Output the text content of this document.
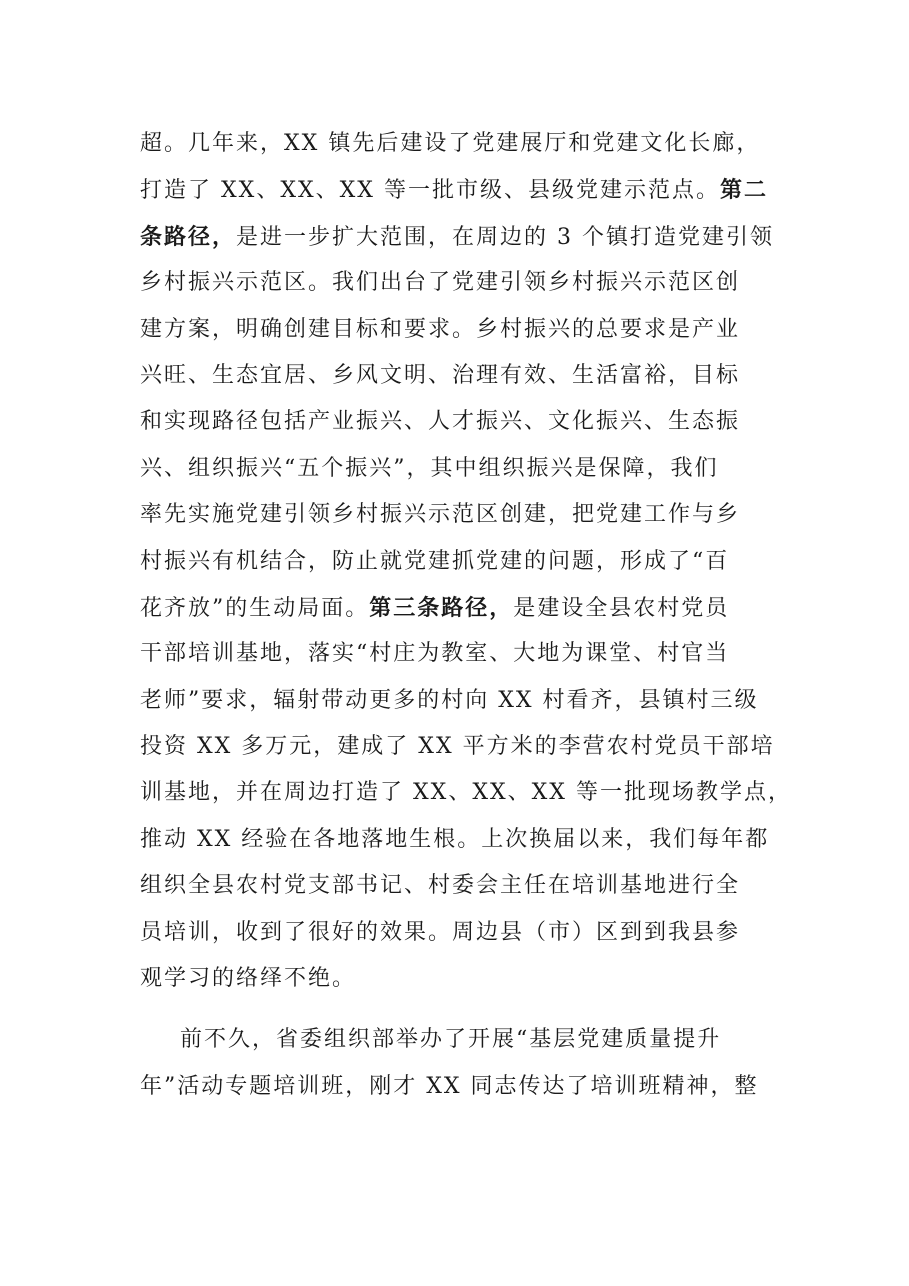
超。几年来，XX 镇先后建设了党建展厅和党建文化长廊，
打造了 XX、XX、XX 等一批市级、县级党建示范点。第二
条路径，是进一步扩大范围，在周边的 3 个镇打造党建引领
乡村振兴示范区。我们出台了党建引领乡村振兴示范区创
建方案，明确创建目标和要求。乡村振兴的总要求是产业
兴旺、生态宜居、乡风文明、治理有效、生活富裕，目标
和实现路径包括产业振兴、人才振兴、文化振兴、生态振
兴、组织振兴“五个振兴”，其中组织振兴是保障，我们
率先实施党建引领乡村振兴示范区创建，把党建工作与乡
村振兴有机结合，防止就党建抓党建的问题，形成了“百
花齐放”的生动局面。第三条路径，是建设全县农村党员
干部培训基地，落实“村庄为教室、大地为课堂、村官当
老师”要求，辐射带动更多的村向 XX 村看齐，县镇村三级
投资 XX 多万元，建成了 XX 平方米的李营农村党员干部培
训基地，并在周边打造了 XX、XX、XX 等一批现场教学点，
推动 XX 经验在各地落地生根。上次换届以来，我们每年都
组织全县农村党支部书记、村委会主任在培训基地进行全
员培训，收到了很好的效果。周边县（市）区到到我县参
观学习的络绎不绝。
前不久，省委组织部举办了开展“基层党建质量提升
年”活动专题培训班，刚才 XX 同志传达了培训班精神，整
